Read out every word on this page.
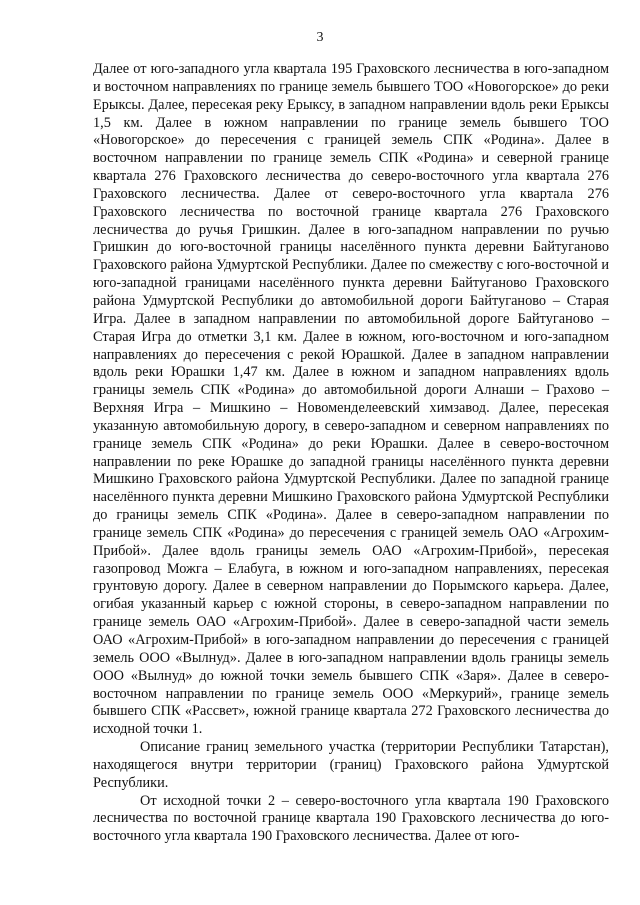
3

Далее от юго-западного угла квартала 195 Граховского лесничества в юго-западном и восточном направлениях по границе земель бывшего ТОО «Новогорское» до реки Ерыксы. Далее, пересекая реку Ерыксу, в западном направлении вдоль реки Ерыксы 1,5 км. Далее в южном направлении по границе земель бывшего ТОО «Новогорское» до пересечения с границей земель СПК «Родина». Далее в восточном направлении по границе земель СПК «Родина» и северной границе квартала 276 Граховского лесничества до северо-восточного угла квартала 276 Граховского лесничества. Далее от северо-восточного угла квартала 276 Граховского лесничества по восточной границе квартала 276 Граховского лесничества до ручья Гришкин. Далее в юго-западном направлении по ручью Гришкин до юго-восточной границы населённого пункта деревни Байтуганово Граховского района Удмуртской Республики. Далее по смежеству с юго-восточной и юго-западной границами населённого пункта деревни Байтуганово Граховского района Удмуртской Республики до автомобильной дороги Байтуганово – Старая Игра. Далее в западном направлении по автомобильной дороге Байтуганово – Старая Игра до отметки 3,1 км. Далее в южном, юго-восточном и юго-западном направлениях до пересечения с рекой Юрашкой. Далее в западном направлении вдоль реки Юрашки 1,47 км. Далее в южном и западном направлениях вдоль границы земель СПК «Родина» до автомобильной дороги Алнаши – Грахово – Верхняя Игра – Мишкино – Новоменделеевский химзавод. Далее, пересекая указанную автомобильную дорогу, в северо-западном и северном направлениях по границе земель СПК «Родина» до реки Юрашки. Далее в северо-восточном направлении по реке Юрашке до западной границы населённого пункта деревни Мишкино Граховского района Удмуртской Республики. Далее по западной границе населённого пункта деревни Мишкино Граховского района Удмуртской Республики до границы земель СПК «Родина». Далее в северо-западном направлении по границе земель СПК «Родина» до пересечения с границей земель ОАО «Агрохим-Прибой». Далее вдоль границы земель ОАО «Агрохим-Прибой», пересекая газопровод Можга – Елабуга, в южном и юго-западном направлениях, пересекая грунтовую дорогу. Далее в северном направлении до Порымского карьера. Далее, огибая указанный карьер с южной стороны, в северо-западном направлении по границе земель ОАО «Агрохим-Прибой». Далее в северо-западной части земель ОАО «Агрохим-Прибой» в юго-западном направлении до пересечения с границей земель ООО «Вылнуд». Далее в юго-западном направлении вдоль границы земель ООО «Вылнуд» до южной точки земель бывшего СПК «Заря». Далее в северо-восточном направлении по границе земель ООО «Меркурий», границе земель бывшего СПК «Рассвет», южной границе квартала 272 Граховского лесничества до исходной точки 1.

Описание границ земельного участка (территории Республики Татарстан), находящегося внутри территории (границ) Граховского района Удмуртской Республики.

От исходной точки 2 – северо-восточного угла квартала 190 Граховского лесничества по восточной границе квартала 190 Граховского лесничества до юго-восточного угла квартала 190 Граховского лесничества. Далее от юго-
